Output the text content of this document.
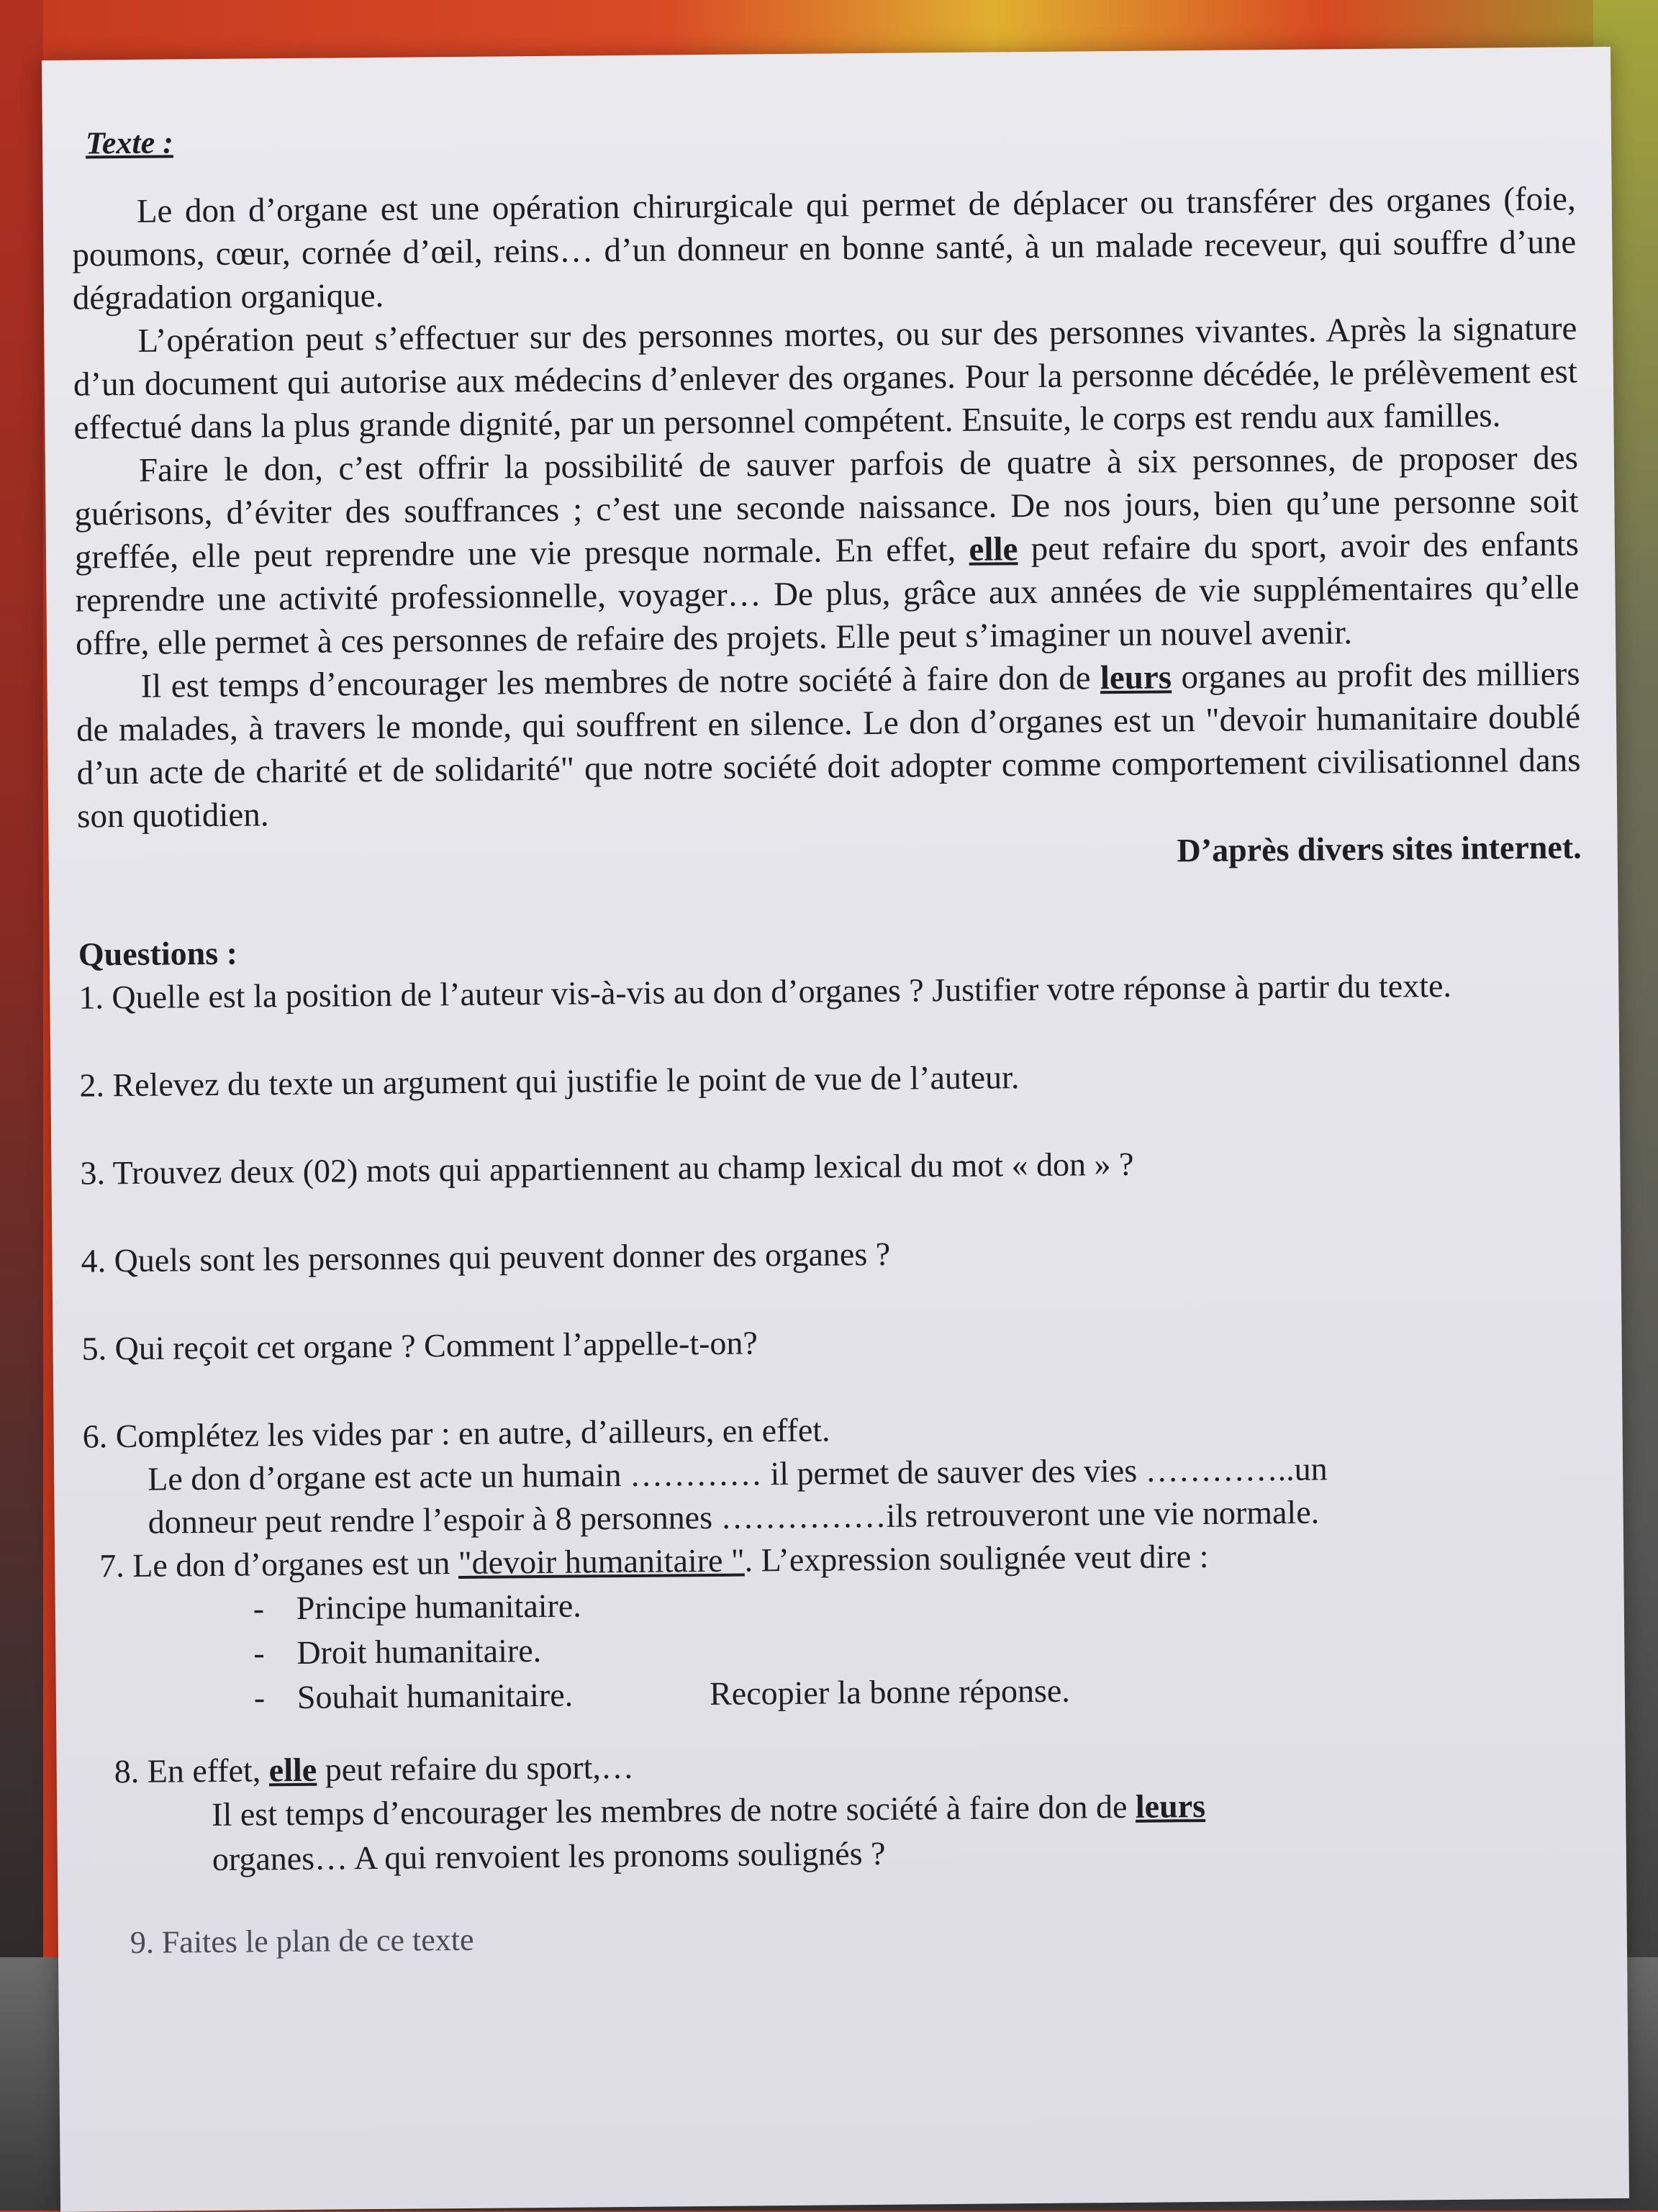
Texte :

Le don d’organe est une opération chirurgicale qui permet de déplacer ou transférer des organes (foie, poumons, cœur, cornée d’œil, reins… d’un donneur en bonne santé, à un malade receveur, qui souffre d’une dégradation organique.

L’opération peut s’effectuer sur des personnes mortes, ou sur des personnes vivantes. Après la signature d’un document qui autorise aux médecins d’enlever des organes. Pour la personne décédée, le prélèvement est effectué dans la plus grande dignité, par un personnel compétent. Ensuite, le corps est rendu aux familles.

Faire le don, c’est offrir la possibilité de sauver parfois de quatre à six personnes, de proposer des guérisons, d’éviter des souffrances ; c’est une seconde naissance. De nos jours, bien qu’une personne soit greffée, elle peut reprendre une vie presque normale. En effet, elle peut refaire du sport, avoir des enfants reprendre une activité professionnelle, voyager… De plus, grâce aux années de vie supplémentaires qu’elle offre, elle permet à ces personnes de refaire des projets. Elle peut s’imaginer un nouvel avenir.

Il est temps d’encourager les membres de notre société à faire don de leurs organes au profit des milliers de malades, à travers le monde, qui souffrent en silence. Le don d’organes est un "devoir humanitaire doublé d’un acte de charité et de solidarité" que notre société doit adopter comme comportement civilisationnel dans son quotidien.

D’après divers sites internet.
Questions :

1. Quelle est la position de l’auteur vis-à-vis au don d’organes ? Justifier votre réponse à partir du texte.

2. Relevez du texte un argument qui justifie le point de vue de l’auteur.

3. Trouvez deux (02) mots qui appartiennent au champ lexical du mot « don » ?

4. Quels sont les personnes qui peuvent donner des organes ?

5. Qui reçoit cet organe ? Comment l’appelle-t-on?

6. Complétez les vides par : en autre, d’ailleurs, en effet.

Le don d’organe est acte un humain ………… il permet de sauver des vies …………..un
donneur peut rendre l’espoir à 8 personnes ……………ils retrouveront une vie normale.

7. Le don d’organes est un "devoir humanitaire ". L’expression soulignée veut dire :

- Principe humanitaire.
- Droit humanitaire.
- Souhait humanitaire.	Recopier la bonne réponse.

8. En effet, elle peut refaire du sport,…

Il est temps d’encourager les membres de notre société à faire don de leurs
organes… A qui renvoient les pronoms soulignés ?
9. Faites le plan de ce texte
